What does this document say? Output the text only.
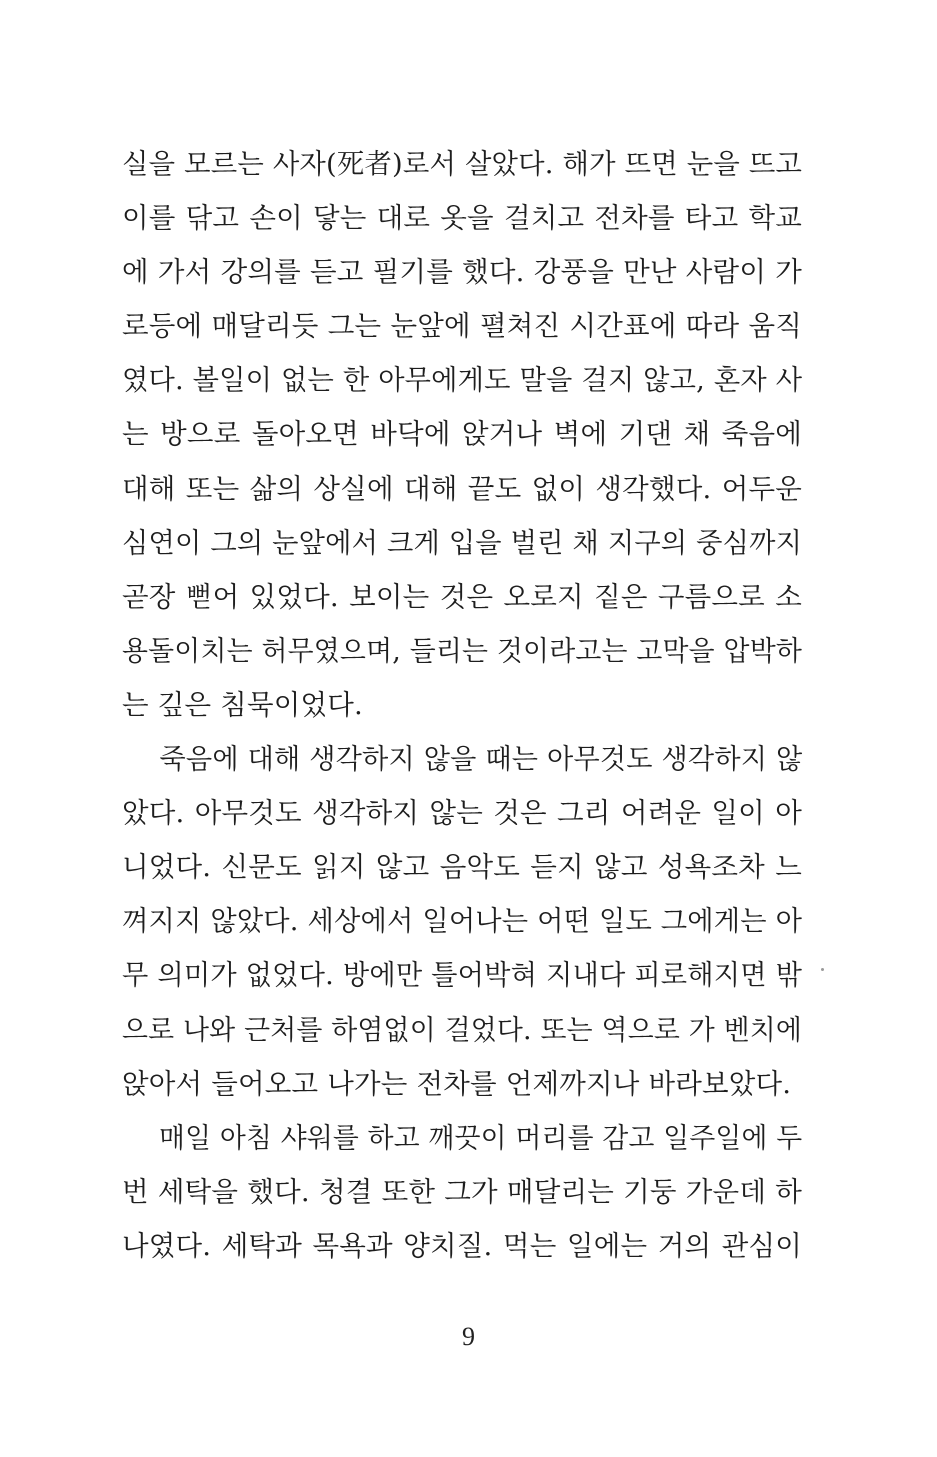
실을 모르는 사자(死者)로서 살았다. 해가 뜨면 눈을 뜨고
이를 닦고 손이 닿는 대로 옷을 걸치고 전차를 타고 학교
에 가서 강의를 듣고 필기를 했다. 강풍을 만난 사람이 가
로등에 매달리듯 그는 눈앞에 펼쳐진 시간표에 따라 움직
였다. 볼일이 없는 한 아무에게도 말을 걸지 않고, 혼자 사
는 방으로 돌아오면 바닥에 앉거나 벽에 기댄 채 죽음에
대해 또는 삶의 상실에 대해 끝도 없이 생각했다. 어두운
심연이 그의 눈앞에서 크게 입을 벌린 채 지구의 중심까지
곧장 뻗어 있었다. 보이는 것은 오로지 짙은 구름으로 소
용돌이치는 허무였으며, 들리는 것이라고는 고막을 압박하
는 깊은 침묵이었다.
죽음에 대해 생각하지 않을 때는 아무것도 생각하지 않
았다. 아무것도 생각하지 않는 것은 그리 어려운 일이 아
니었다. 신문도 읽지 않고 음악도 듣지 않고 성욕조차 느
껴지지 않았다. 세상에서 일어나는 어떤 일도 그에게는 아
무 의미가 없었다. 방에만 틀어박혀 지내다 피로해지면 밖
으로 나와 근처를 하염없이 걸었다. 또는 역으로 가 벤치에
앉아서 들어오고 나가는 전차를 언제까지나 바라보았다.
매일 아침 샤워를 하고 깨끗이 머리를 감고 일주일에 두
번 세탁을 했다. 청결 또한 그가 매달리는 기둥 가운데 하
나였다. 세탁과 목욕과 양치질. 먹는 일에는 거의 관심이
9
